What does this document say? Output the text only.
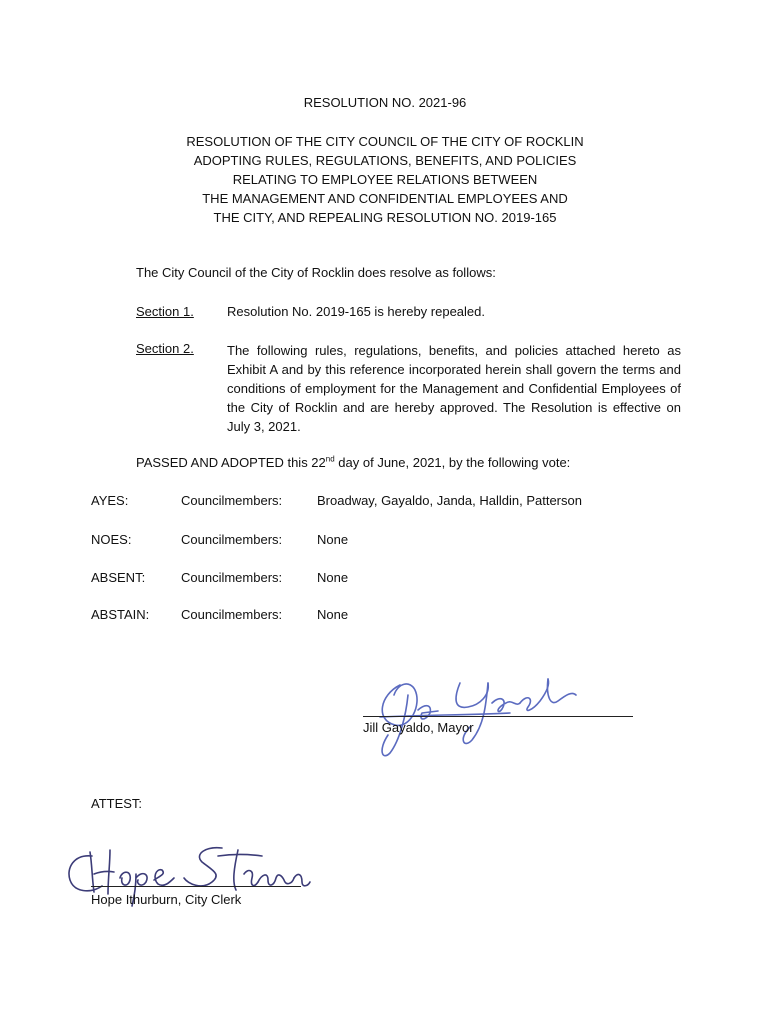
RESOLUTION NO. 2021-96
RESOLUTION OF THE CITY COUNCIL OF THE CITY OF ROCKLIN
ADOPTING RULES, REGULATIONS, BENEFITS, AND POLICIES
RELATING TO EMPLOYEE RELATIONS BETWEEN
THE MANAGEMENT AND CONFIDENTIAL EMPLOYEES AND
THE CITY, AND REPEALING RESOLUTION NO. 2019-165
The City Council of the City of Rocklin does resolve as follows:
Section 1.	Resolution No. 2019-165 is hereby repealed.
Section 2.	The following rules, regulations, benefits, and policies attached hereto as Exhibit A and by this reference incorporated herein shall govern the terms and conditions of employment for the Management and Confidential Employees of the City of Rocklin and are hereby approved. The Resolution is effective on July 3, 2021.
PASSED AND ADOPTED this 22nd day of June, 2021, by the following vote:
AYES:	Councilmembers:	Broadway, Gayaldo, Janda, Halldin, Patterson
NOES:	Councilmembers:	None
ABSENT:	Councilmembers:	None
ABSTAIN: Councilmembers:	None
Jill Gayaldo, Mayor
ATTEST:
Hope Ithurburn, City Clerk
